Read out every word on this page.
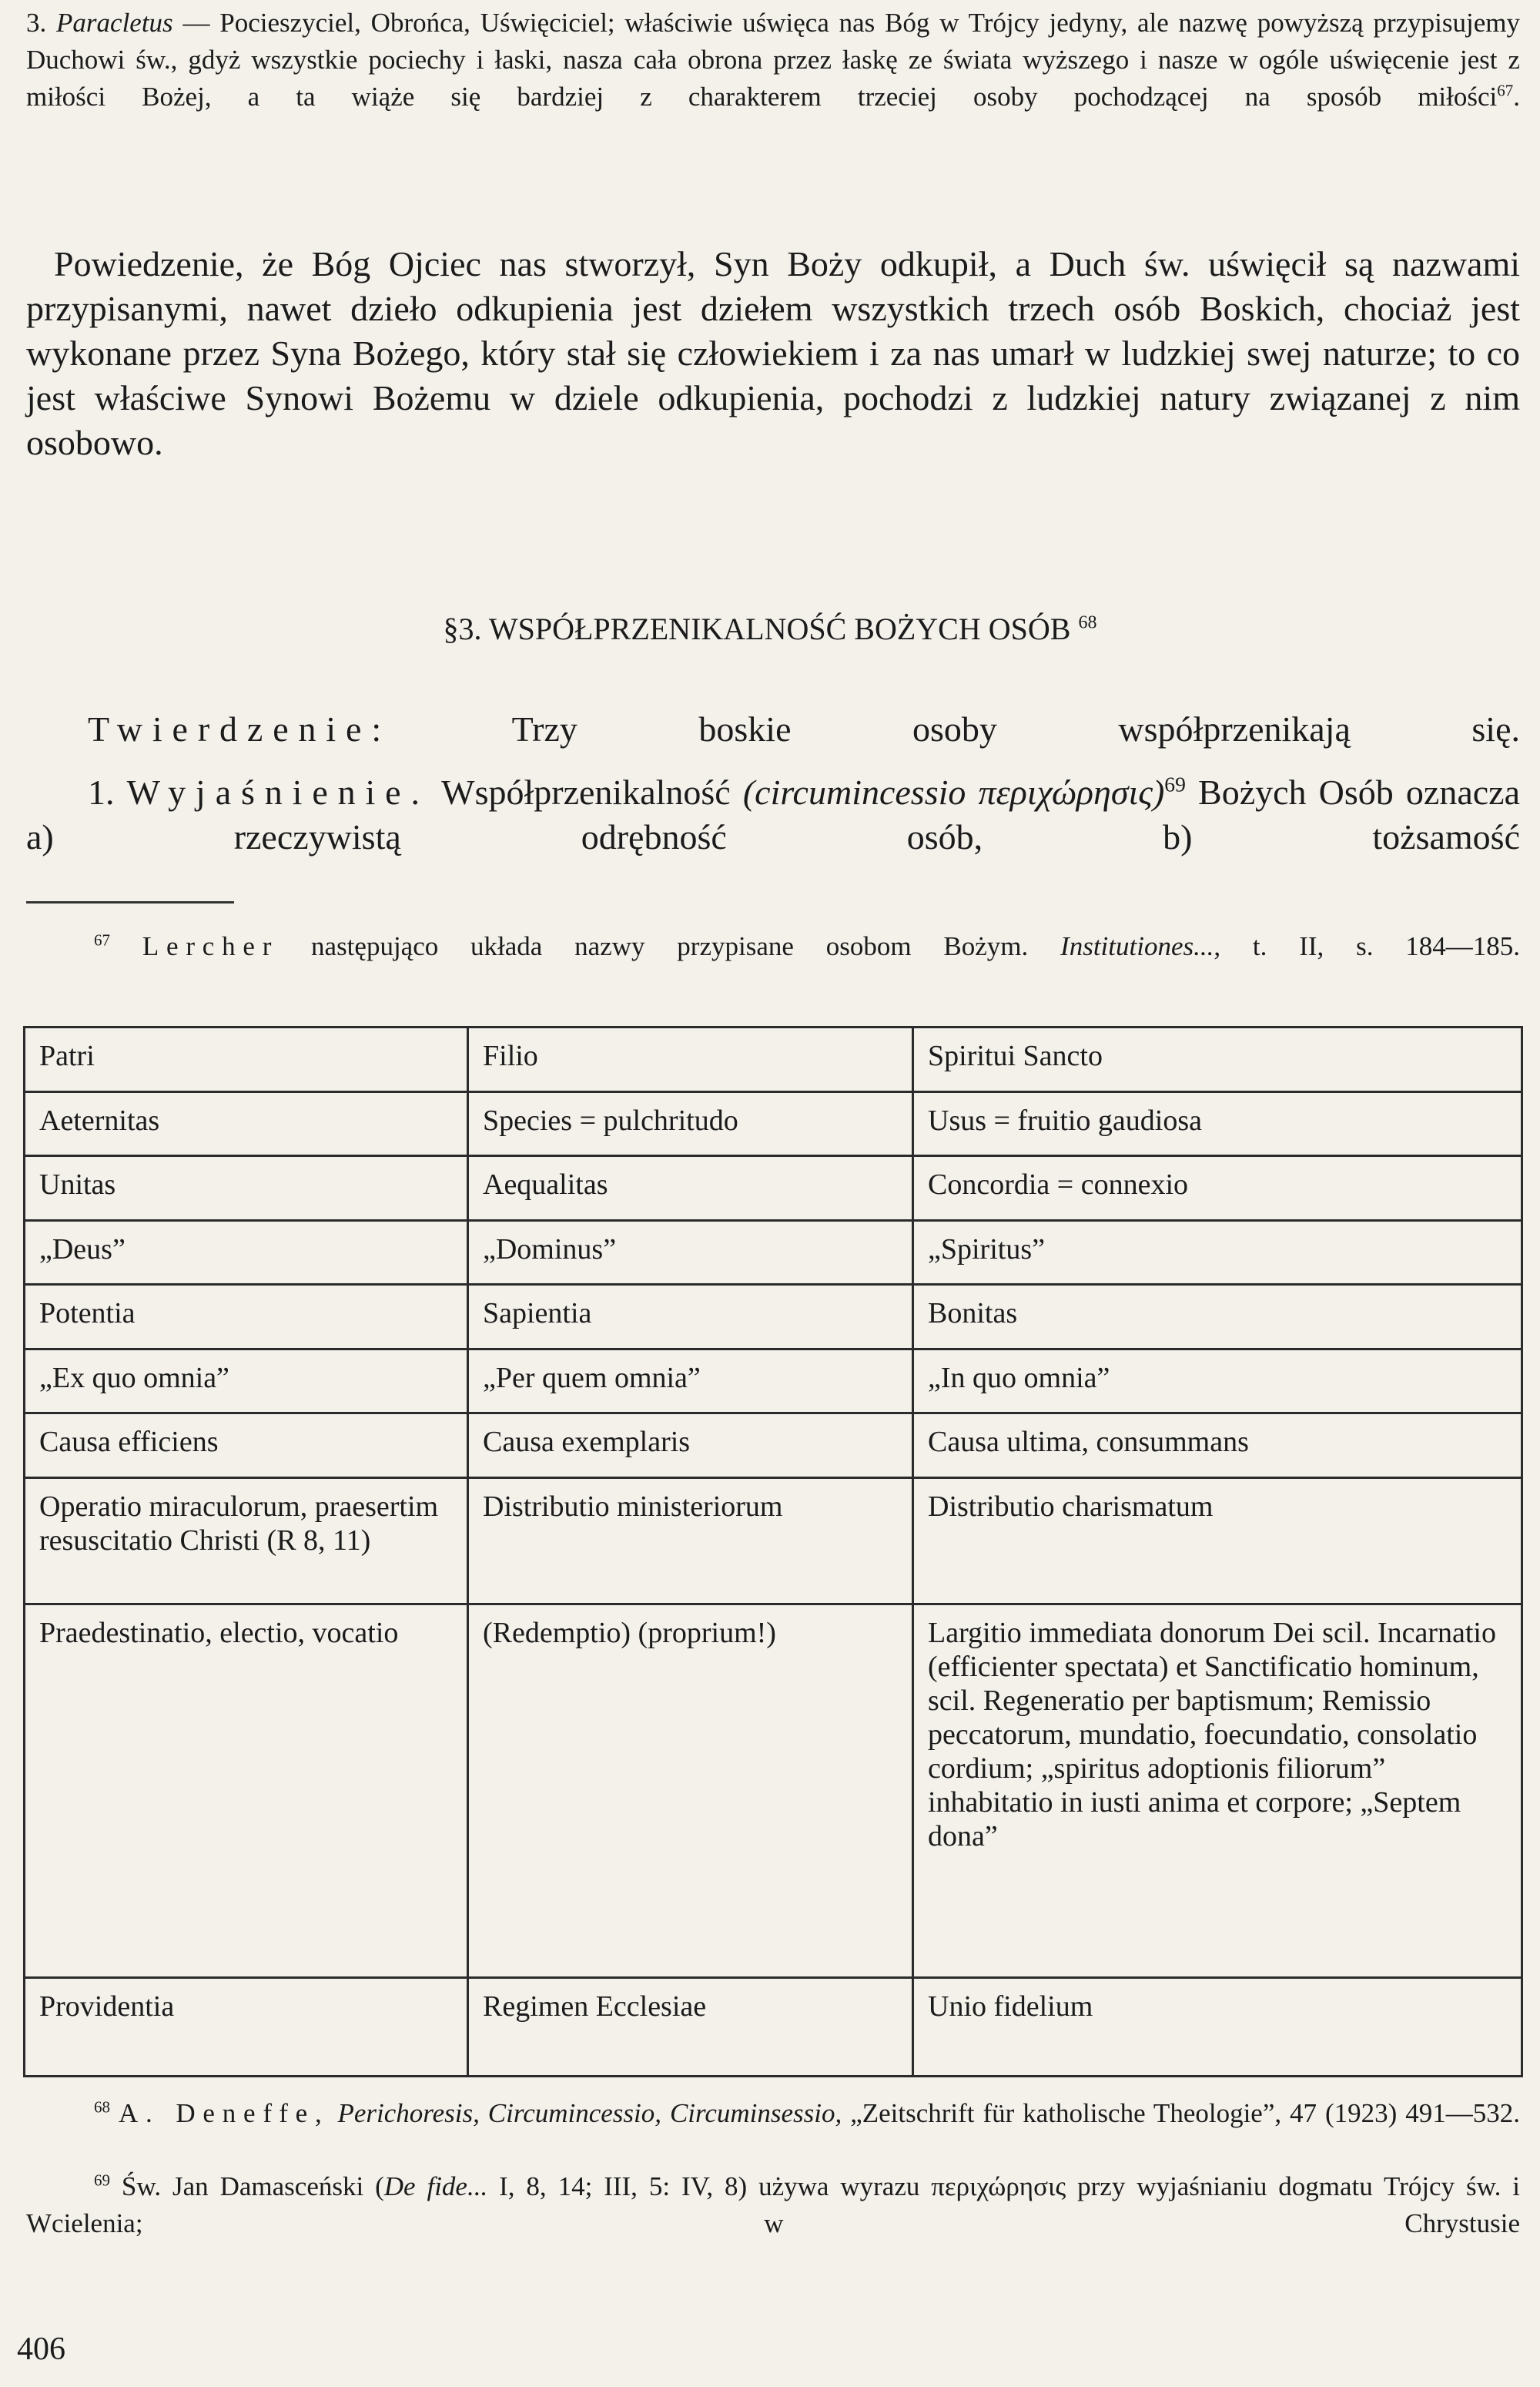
3. Paracletus — Pocieszyciel, Obrońca, Uświęciciel; właściwie uświęca nas Bóg w Trójcy jedyny, ale nazwę powyższą przypisujemy Duchowi św., gdyż wszystkie pociechy i łaski, nasza cała obrona przez łaskę ze świata wyższego i nasze w ogóle uświęcenie jest z miłości Bożej, a ta wiąże się bardziej z charakterem trzeciej osoby pochodzącej na sposób miłości$^{67}$.

Powiedzenie, że Bóg Ojciec nas stworzył, Syn Boży odkupił, a Duch św. uświęcił są nazwami przypisanymi, nawet dzieło odkupienia jest dziełem wszystkich trzech osób Boskich, chociaż jest wykonane przez Syna Bożego, który stał się człowiekiem i za nas umarł w ludzkiej swej naturze; to co jest właściwe Synowi Bożemu w dziele odkupienia, pochodzi z ludzkiej natury związanej z nim osobowo.

§3. WSPÓŁPRZENIKALNOŚĆ BOŻYCH OSÓB $^{68}$

Twierdzenie: Trzy boskie osoby współprzenikają się.

1. Wyjaśnienie. Współprzenikalność (circumincessio περιχώρησις)$^{69}$ Bożych Osób oznacza a) rzeczywistą odrębność osób, b) tożsamość

$^{67}$ Lercher następująco układa nazwy przypisane osobom Bożym. Institutiones..., t. II, s. 184—185.

Patri	Filio	Spiritui Sancto
Aeternitas	Species = pulchritudo	Usus = fruitio gaudiosa
Unitas	Aequalitas	Concordia = connexio
„Deus”	„Dominus”	„Spiritus”
Potentia	Sapientia	Bonitas
„Ex quo omnia”	„Per quem omnia”	„In quo omnia”
Causa efficiens	Causa exemplaris	Causa ultima, consummans
Operatio miraculorum, praesertim resuscitatio Christi (R 8, 11)	Distributio ministeriorum	Distributio charismatum
Praedestinatio, electio, vocatio	(Redemptio) (proprium!)	Largitio immediata donorum Dei scil. Incarnatio (efficienter spectata) et Sanctificatio hominum, scil. Regeneratio per baptismum; Remissio peccatorum, mundatio, foecundatio, consolatio cordium; „spiritus adoptionis filiorum” inhabitatio in iusti anima et corpore; „Septem dona”
Providentia	Regimen Ecclesiae	Unio fidelium

$^{68}$ A. Deneffe, Perichoresis, Circumincessio, Circuminsessio, „Zeitschrift für katholische Theologie”, 47 (1923) 491—532.

$^{69}$ Św. Jan Damasceński (De fide... I, 8, 14; III, 5: IV, 8) używa wyrazu περιχώρησις przy wyjaśnianiu dogmatu Trójcy św. i Wcielenia; w Chrystusie

406
